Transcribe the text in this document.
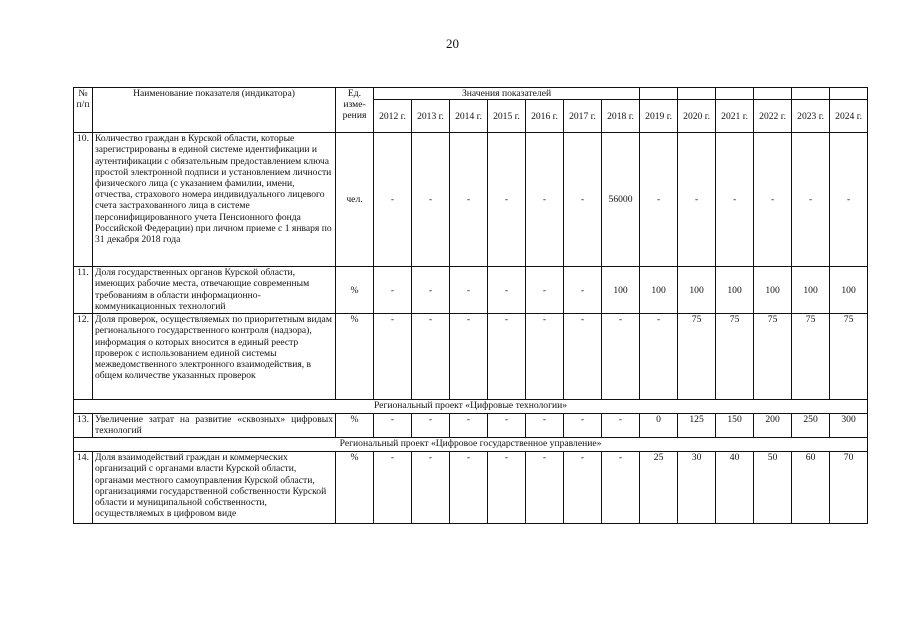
20
№ п/п	Наименование показателя (индикатора)	Ед. изме-рения	Значения показателей												
			2012 г.	2013 г.	2014 г.	2015 г.	2016 г.	2017 г.	2018 г.	2019 г.	2020 г.	2021 г.	2022 г.	2023 г.	2024 г.
10.	Количество граждан в Курской области, которые зарегистрированы в единой системе идентификации и аутентификации с обязательным предоставлением ключа простой электронной подписи и установлением личности физического лица (с указанием фамилии, имени, отчества, страхового номера индивидуального лицевого счета застрахованного лица в системе персонифицированного учета Пенсионного фонда Российской Федерации) при личном приеме с 1 января по 31 декабря 2018 года	чел.	-	-	-	-	-	-	56000	-	-	-	-	-	-
11.	Доля государственных органов Курской области, имеющих рабочие места, отвечающие современным требованиям в области информационно-коммуникационных технологий	%	-	-	-	-	-	-	100	100	100	100	100	100	100
12.	Доля проверок, осуществляемых по приоритетным видам регионального государственного контроля (надзора), информация о которых вносится в единый реестр проверок с использованием единой системы межведомственного электронного взаимодействия, в общем количестве указанных проверок	%	-	-	-	-	-	-	-	-	75	75	75	75	75
Региональный проект «Цифровые технологии»															
13.	Увеличение затрат на развитие «сквозных» цифровых технологий	%	-	-	-	-	-	-	-	0	125	150	200	250	300
Региональный проект «Цифровое государственное управление»															
14.	Доля взаимодействий граждан и коммерческих организаций с органами власти Курской области, органами местного самоуправления Курской области, организациями государственной собственности Курской области и муниципальной собственности, осуществляемых в цифровом виде	%	-	-	-	-	-	-	-	25	30	40	50	60	70
